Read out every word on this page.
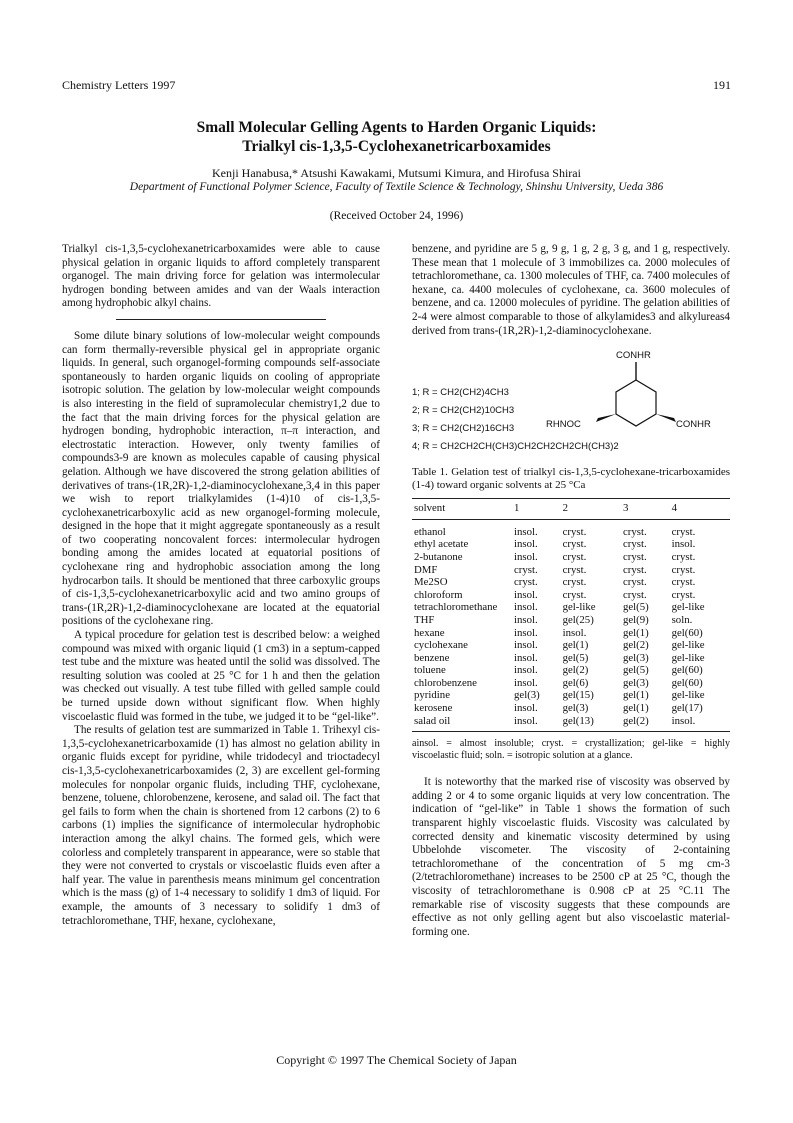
Chemistry Letters 1997	191
Small Molecular Gelling Agents to Harden Organic Liquids:
Trialkyl cis-1,3,5-Cyclohexanetricarboxamides
Kenji Hanabusa,* Atsushi Kawakami, Mutsumi Kimura, and Hirofusa Shirai
Department of Functional Polymer Science, Faculty of Textile Science & Technology, Shinshu University, Ueda 386
(Received October 24, 1996)

Trialkyl cis-1,3,5-cyclohexanetricarboxamides were able to cause physical gelation in organic liquids to afford completely transparent organogel. The main driving force for gelation was intermolecular hydrogen bonding between amides and van der Waals interaction among hydrophobic alkyl chains.

Some dilute binary solutions of low-molecular weight compounds can form thermally-reversible physical gel in appropriate organic liquids. In general, such organogel-forming compounds self-associate spontaneously to harden organic liquids on cooling of appropriate isotropic solution. The gelation by low-molecular weight compounds is also interesting in the field of supramolecular chemistry1,2 due to the fact that the main driving forces for the physical gelation are hydrogen bonding, hydrophobic interaction, π–π interaction, and electrostatic interaction. However, only twenty families of compounds3-9 are known as molecules capable of causing physical gelation. Although we have discovered the strong gelation abilities of derivatives of trans-(1R,2R)-1,2-diaminocyclohexane,3,4 in this paper we wish to report trialkylamides (1-4)10 of cis-1,3,5-cyclohexanetricarboxylic acid as new organogel-forming molecule, designed in the hope that it might aggregate spontaneously as a result of two cooperating noncovalent forces: intermolecular hydrogen bonding among the amides located at equatorial positions of cyclohexane ring and hydrophobic association among the long hydrocarbon tails. It should be mentioned that three carboxylic groups of cis-1,3,5-cyclohexanetricarboxylic acid and two amino groups of trans-(1R,2R)-1,2-diaminocyclohexane are located at the equatorial positions of the cyclohexane ring.

A typical procedure for gelation test is described below: a weighed compound was mixed with organic liquid (1 cm3) in a septum-capped test tube and the mixture was heated until the solid was dissolved. The resulting solution was cooled at 25 °C for 1 h and then the gelation was checked out visually. A test tube filled with gelled sample could be turned upside down without significant flow. When highly viscoelastic fluid was formed in the tube, we judged it to be “gel-like”.

The results of gelation test are summarized in Table 1. Trihexyl cis-1,3,5-cyclohexanetricarboxamide (1) has almost no gelation ability in organic fluids except for pyridine, while tridodecyl and trioctadecyl cis-1,3,5-cyclohexanetricarboxamides (2, 3) are excellent gel-forming molecules for nonpolar organic fluids, including THF, cyclohexane, benzene, toluene, chlorobenzene, kerosene, and salad oil. The fact that gel fails to form when the chain is shortened from 12 carbons (2) to 6 carbons (1) implies the significance of intermolecular hydrophobic interaction among the alkyl chains. The formed gels, which were colorless and completely transparent in appearance, were so stable that they were not converted to crystals or viscoelastic fluids even after a half year. The value in parenthesis means minimum gel concentration which is the mass (g) of 1-4 necessary to solidify 1 dm3 of liquid. For example, the amounts of 3 necessary to solidify 1 dm3 of tetrachloromethane, THF, hexane, cyclohexane,

benzene, and pyridine are 5 g, 9 g, 1 g, 2 g, 3 g, and 1 g, respectively. These mean that 1 molecule of 3 immobilizes ca. 2000 molecules of tetrachloromethane, ca. 1300 molecules of THF, ca. 7400 molecules of hexane, ca. 4400 molecules of cyclohexane, ca. 3600 molecules of benzene, and ca. 12000 molecules of pyridine. The gelation abilities of 2-4 were almost comparable to those of alkylamides3 and alkylureas4 derived from trans-(1R,2R)-1,2-diaminocyclohexane.

CONHR
RHNOC	CONHR
1; R = CH2(CH2)4CH3
2; R = CH2(CH2)10CH3
3; R = CH2(CH2)16CH3
4; R = CH2CH2CH(CH3)CH2CH2CH2CH(CH3)2
Table 1. Gelation test of trialkyl cis-1,3,5-cyclohexane-tricarboxamides (1-4) toward organic solvents at 25 °Ca
solvent	1	2	3	4
ethanol	insol.	cryst.	cryst.	cryst.
ethyl acetate	insol.	cryst.	cryst.	insol.
2-butanone	insol.	cryst.	cryst.	cryst.
DMF	cryst.	cryst.	cryst.	cryst.
Me2SO	cryst.	cryst.	cryst.	cryst.
chloroform	insol.	cryst.	cryst.	cryst.
tetrachloromethane	insol.	gel-like	gel(5)	gel-like
THF	insol.	gel(25)	gel(9)	soln.
hexane	insol.	insol.	gel(1)	gel(60)
cyclohexane	insol.	gel(1)	gel(2)	gel-like
benzene	insol.	gel(5)	gel(3)	gel-like
toluene	insol.	gel(2)	gel(5)	gel(60)
chlorobenzene	insol.	gel(6)	gel(3)	gel(60)
pyridine	gel(3)	gel(15)	gel(1)	gel-like
kerosene	insol.	gel(3)	gel(1)	gel(17)
salad oil	insol.	gel(13)	gel(2)	insol.
ainsol. = almost insoluble; cryst. = crystallization; gel-like = highly viscoelastic fluid; soln. = isotropic solution at a glance.

It is noteworthy that the marked rise of viscosity was observed by adding 2 or 4 to some organic liquids at very low concentration. The indication of “gel-like” in Table 1 shows the formation of such transparent highly viscoelastic fluids. Viscosity was calculated by corrected density and kinematic viscosity determined by using Ubbelohde viscometer. The viscosity of 2-containing tetrachloromethane of the concentration of 5 mg cm-3 (2/tetrachloromethane) increases to be 2500 cP at 25 °C, though the viscosity of tetrachloromethane is 0.908 cP at 25 °C.11 The remarkable rise of viscosity suggests that these compounds are effective as not only gelling agent but also viscoelastic material-forming one.

Copyright © 1997 The Chemical Society of Japan
